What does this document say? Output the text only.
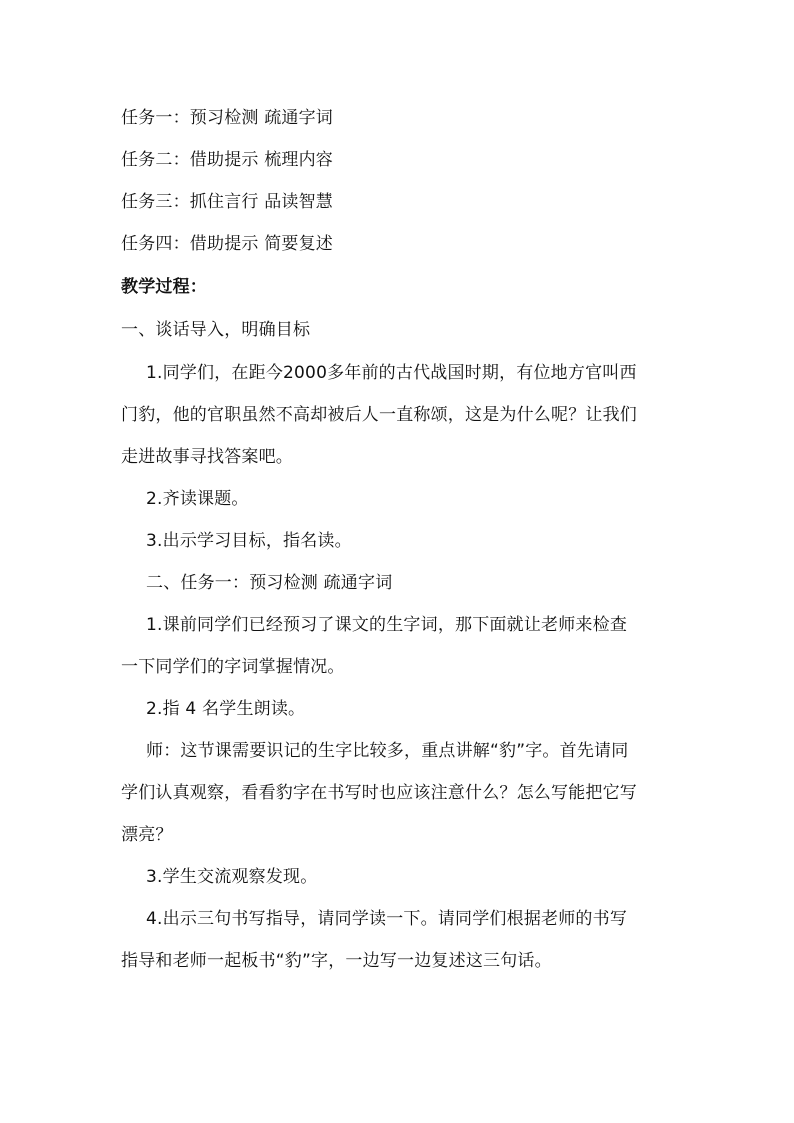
任务一：预习检测 疏通字词
任务二：借助提示 梳理内容
任务三：抓住言行 品读智慧
任务四：借助提示 简要复述
教学过程：
一、谈话导入，明确目标
1.同学们，在距今2000多年前的古代战国时期，有位地方官叫西
门豹，他的官职虽然不高却被后人一直称颂，这是为什么呢？让我们
走进故事寻找答案吧。
2.齐读课题。
3.出示学习目标，指名读。
二、任务一：预习检测 疏通字词
1.课前同学们已经预习了课文的生字词，那下面就让老师来检查
一下同学们的字词掌握情况。
2.指 4 名学生朗读。
师：这节课需要识记的生字比较多，重点讲解“豹”字。首先请同
学们认真观察，看看豹字在书写时也应该注意什么？怎么写能把它写
漂亮？
3.学生交流观察发现。
4.出示三句书写指导，请同学读一下。请同学们根据老师的书写
指导和老师一起板书“豹”字，一边写一边复述这三句话。
